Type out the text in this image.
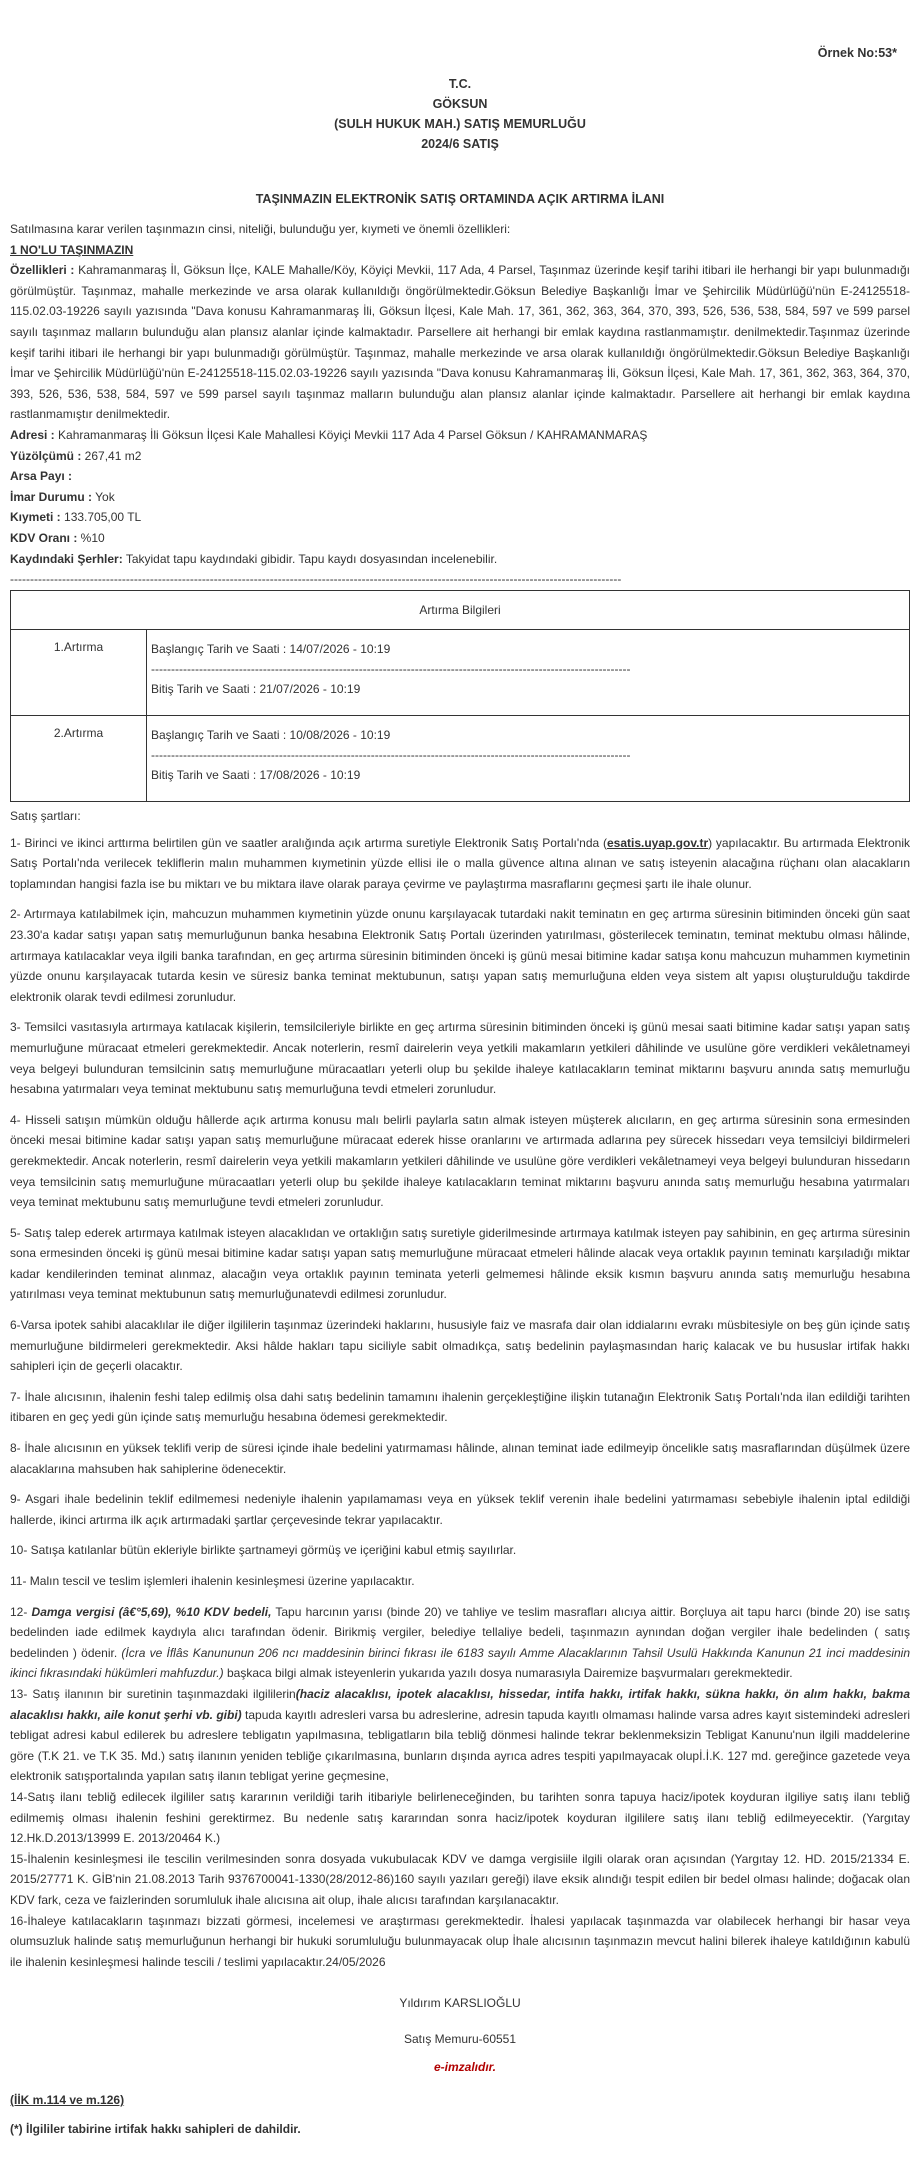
Örnek No:53*
T.C.
GÖKSUN
(SULH HUKUK MAH.) SATIŞ MEMURLUĞU
2024/6 SATIŞ
TAŞINMAZIN ELEKTRONİK SATIŞ ORTAMINDA AÇIK ARTIRMA İLANI

Satılmasına karar verilen taşınmazın cinsi, niteliği, bulunduğu yer, kıymeti ve önemli özellikleri:

1 NO'LU TAŞINMAZIN

Özellikleri : Kahramanmaraş İl, Göksun İlçe, KALE Mahalle/Köy, Köyiçi Mevkii, 117 Ada, 4 Parsel, Taşınmaz üzerinde keşif tarihi itibari ile herhangi bir yapı bulunmadığı görülmüştür. Taşınmaz, mahalle merkezinde ve arsa olarak kullanıldığı öngörülmektedir.Göksun Belediye Başkanlığı İmar ve Şehircilik Müdürlüğü'nün E-24125518-115.02.03-19226 sayılı yazısında "Dava konusu Kahramanmaraş İli, Göksun İlçesi, Kale Mah. 17, 361, 362, 363, 364, 370, 393, 526, 536, 538, 584, 597 ve 599 parsel sayılı taşınmaz malların bulunduğu alan plansız alanlar içinde kalmaktadır. Parsellere ait herhangi bir emlak kaydına rastlanmamıştır. denilmektedir.Taşınmaz üzerinde keşif tarihi itibari ile herhangi bir yapı bulunmadığı görülmüştür. Taşınmaz, mahalle merkezinde ve arsa olarak kullanıldığı öngörülmektedir.Göksun Belediye Başkanlığı İmar ve Şehircilik Müdürlüğü'nün E-24125518-115.02.03-19226 sayılı yazısında "Dava konusu Kahramanmaraş İli, Göksun İlçesi, Kale Mah. 17, 361, 362, 363, 364, 370, 393, 526, 536, 538, 584, 597 ve 599 parsel sayılı taşınmaz malların bulunduğu alan plansız alanlar içinde kalmaktadır. Parsellere ait herhangi bir emlak kaydına rastlanmamıştır denilmektedir.

Adresi : Kahramanmaraş İli Göksun İlçesi Kale Mahallesi Köyiçi Mevkii 117 Ada 4 Parsel Göksun / KAHRAMANMARAŞ

Yüzölçümü : 267,41 m2

Arsa Payı :

İmar Durumu : Yok

Kıymeti : 133.705,00 TL

KDV Oranı : %10

Kaydındaki Şerhler: Takyidat tapu kaydındaki gibidir. Tapu kaydı dosyasından incelenebilir.

---------------------------------------------------------------------------------------------------------------------------------------------------------

Artırma Bilgileri	
1.Artırma	Başlangıç Tarih ve Saati : 14/07/2026 - 10:19
------------------------------------------------------------------------------------------------------------------------
Bitiş Tarih ve Saati : 21/07/2026 - 10:19

2.Artırma	Başlangıç Tarih ve Saati : 10/08/2026 - 10:19
------------------------------------------------------------------------------------------------------------------------
Bitiş Tarih ve Saati : 17/08/2026 - 10:19

Satış şartları:

1- Birinci ve ikinci arttırma belirtilen gün ve saatler aralığında açık artırma suretiyle Elektronik Satış Portalı'nda (esatis.uyap.gov.tr) yapılacaktır. Bu artırmada Elektronik Satış Portalı'nda verilecek tekliflerin malın muhammen kıymetinin yüzde ellisi ile o malla güvence altına alınan ve satış isteyenin alacağına rüçhanı olan alacakların toplamından hangisi fazla ise bu miktarı ve bu miktara ilave olarak paraya çevirme ve paylaştırma masraflarını geçmesi şartı ile ihale olunur.

2- Artırmaya katılabilmek için, mahcuzun muhammen kıymetinin yüzde onunu karşılayacak tutardaki nakit teminatın en geç artırma süresinin bitiminden önceki gün saat 23.30'a kadar satışı yapan satış memurluğunun banka hesabına Elektronik Satış Portalı üzerinden yatırılması, gösterilecek teminatın, teminat mektubu olması hâlinde, artırmaya katılacaklar veya ilgili banka tarafından, en geç artırma süresinin bitiminden önceki iş günü mesai bitimine kadar satışa konu mahcuzun muhammen kıymetinin yüzde onunu karşılayacak tutarda kesin ve süresiz banka teminat mektubunun, satışı yapan satış memurluğuna elden veya sistem alt yapısı oluşturulduğu takdirde elektronik olarak tevdi edilmesi zorunludur.

3- Temsilci vasıtasıyla artırmaya katılacak kişilerin, temsilcileriyle birlikte en geç artırma süresinin bitiminden önceki iş günü mesai saati bitimine kadar satışı yapan satış memurluğune müracaat etmeleri gerekmektedir. Ancak noterlerin, resmî dairelerin veya yetkili makamların yetkileri dâhilinde ve usulüne göre verdikleri vekâletnameyi veya belgeyi bulunduran temsilcinin satış memurluğune müracaatları yeterli olup bu şekilde ihaleye katılacakların teminat miktarını başvuru anında satış memurluğu hesabına yatırmaları veya teminat mektubunu satış memurluğuna tevdi etmeleri zorunludur.

4- Hisseli satışın mümkün olduğu hâllerde açık artırma konusu malı belirli paylarla satın almak isteyen müşterek alıcıların, en geç artırma süresinin sona ermesinden önceki mesai bitimine kadar satışı yapan satış memurluğune müracaat ederek hisse oranlarını ve artırmada adlarına pey sürecek hissedarı veya temsilciyi bildirmeleri gerekmektedir. Ancak noterlerin, resmî dairelerin veya yetkili makamların yetkileri dâhilinde ve usulüne göre verdikleri vekâletnameyi veya belgeyi bulunduran hissedarın veya temsilcinin satış memurluğune müracaatları yeterli olup bu şekilde ihaleye katılacakların teminat miktarını başvuru anında satış memurluğu hesabına yatırmaları veya teminat mektubunu satış memurluğune tevdi etmeleri zorunludur.

5- Satış talep ederek artırmaya katılmak isteyen alacaklıdan ve ortaklığın satış suretiyle giderilmesinde artırmaya katılmak isteyen pay sahibinin, en geç artırma süresinin sona ermesinden önceki iş günü mesai bitimine kadar satışı yapan satış memurluğune müracaat etmeleri hâlinde alacak veya ortaklık payının teminatı karşıladığı miktar kadar kendilerinden teminat alınmaz, alacağın veya ortaklık payının teminata yeterli gelmemesi hâlinde eksik kısmın başvuru anında satış memurluğu hesabına yatırılması veya teminat mektubunun satış memurluğunatevdi edilmesi zorunludur.

6-Varsa ipotek sahibi alacaklılar ile diğer ilgililerin taşınmaz üzerindeki haklarını, hususiyle faiz ve masrafa dair olan iddialarını evrakı müsbitesiyle on beş gün içinde satış memurluğune bildirmeleri gerekmektedir. Aksi hâlde hakları tapu siciliyle sabit olmadıkça, satış bedelinin paylaşmasından hariç kalacak ve bu hususlar irtifak hakkı sahipleri için de geçerli olacaktır.

7- İhale alıcısının, ihalenin feshi talep edilmiş olsa dahi satış bedelinin tamamını ihalenin gerçekleştiğine ilişkin tutanağın Elektronik Satış Portalı'nda ilan edildiği tarihten itibaren en geç yedi gün içinde satış memurluğu hesabına ödemesi gerekmektedir.

8- İhale alıcısının en yüksek teklifi verip de süresi içinde ihale bedelini yatırmaması hâlinde, alınan teminat iade edilmeyip öncelikle satış masraflarından düşülmek üzere alacaklarına mahsuben hak sahiplerine ödenecektir.

9- Asgari ihale bedelinin teklif edilmemesi nedeniyle ihalenin yapılamaması veya en yüksek teklif verenin ihale bedelini yatırmaması sebebiyle ihalenin iptal edildiği hallerde, ikinci artırma ilk açık artırmadaki şartlar çerçevesinde tekrar yapılacaktır.

10- Satışa katılanlar bütün ekleriyle birlikte şartnameyi görmüş ve içeriğini kabul etmiş sayılırlar.

11- Malın tescil ve teslim işlemleri ihalenin kesinleşmesi üzerine yapılacaktır.

12- Damga vergisi (â€°5,69), %10 KDV bedeli, Tapu harcının yarısı (binde 20) ve tahliye ve teslim masrafları alıcıya aittir. Borçluya ait tapu harcı (binde 20) ise satış bedelinden iade edilmek kaydıyla alıcı tarafından ödenir. Birikmiş vergiler, belediye tellaliye bedeli, taşınmazın aynından doğan vergiler ihale bedelinden ( satış bedelinden ) ödenir. (İcra ve İflâs Kanununun 206 ncı maddesinin birinci fıkrası ile 6183 sayılı Amme Alacaklarının Tahsil Usulü Hakkında Kanunun 21 inci maddesinin ikinci fıkrasındaki hükümleri mahfuzdur.) başkaca bilgi almak isteyenlerin yukarıda yazılı dosya numarasıyla Dairemize başvurmaları gerekmektedir.

13- Satış ilanının bir suretinin taşınmazdaki ilgililerin(haciz alacaklısı, ipotek alacaklısı, hissedar, intifa hakkı, irtifak hakkı, sükna hakkı, ön alım hakkı, bakma alacaklısı hakkı, aile konut şerhi vb. gibi) tapuda kayıtlı adresleri varsa bu adreslerine, adresin tapuda kayıtlı olmaması halinde varsa adres kayıt sistemindeki adresleri tebligat adresi kabul edilerek bu adreslere tebligatın yapılmasına, tebligatların bila tebliğ dönmesi halinde tekrar beklenmeksizin Tebligat Kanunu'nun ilgili maddelerine göre (T.K 21. ve T.K 35. Md.) satış ilanının yeniden tebliğe çıkarılmasına, bunların dışında ayrıca adres tespiti yapılmayacak olupİ.İ.K. 127 md. gereğince gazetede veya elektronik satışportalında yapılan satış ilanın tebligat yerine geçmesine,

14-Satış ilanı tebliğ edilecek ilgililer satış kararının verildiği tarih itibariyle belirleneceğinden, bu tarihten sonra tapuya haciz/ipotek koyduran ilgiliye satış ilanı tebliğ edilmemiş olması ihalenin feshini gerektirmez. Bu nedenle satış kararından sonra haciz/ipotek koyduran ilgililere satış ilanı tebliğ edilmeyecektir. (Yargıtay 12.Hk.D.2013/13999 E. 2013/20464 K.)

15-İhalenin kesinleşmesi ile tescilin verilmesinden sonra dosyada vukubulacak KDV ve damga vergisiile ilgili olarak oran açısından (Yargıtay 12. HD. 2015/21334 E. 2015/27771 K. GİB'nin 21.08.2013 Tarih 9376700041-1330(28/2012-86)160 sayılı yazıları gereği) ilave eksik alındığı tespit edilen bir bedel olması halinde; doğacak olan KDV fark, ceza ve faizlerinden sorumluluk ihale alıcısına ait olup, ihale alıcısı tarafından karşılanacaktır.

16-İhaleye katılacakların taşınmazı bizzati görmesi, incelemesi ve araştırması gerekmektedir. İhalesi yapılacak taşınmazda var olabilecek herhangi bir hasar veya olumsuzluk halinde satış memurluğunun herhangi bir hukuki sorumluluğu bulunmayacak olup İhale alıcısının taşınmazın mevcut halini bilerek ihaleye katıldığının kabulü ile ihalenin kesinleşmesi halinde tescili / teslimi yapılacaktır.24/05/2026

Yıldırım KARSLIOĞLU
Satış Memuru-60551
e-imzalıdır.
(İİK m.114 ve m.126)
(*) İlgililer tabirine irtifak hakkı sahipleri de dahildir.
